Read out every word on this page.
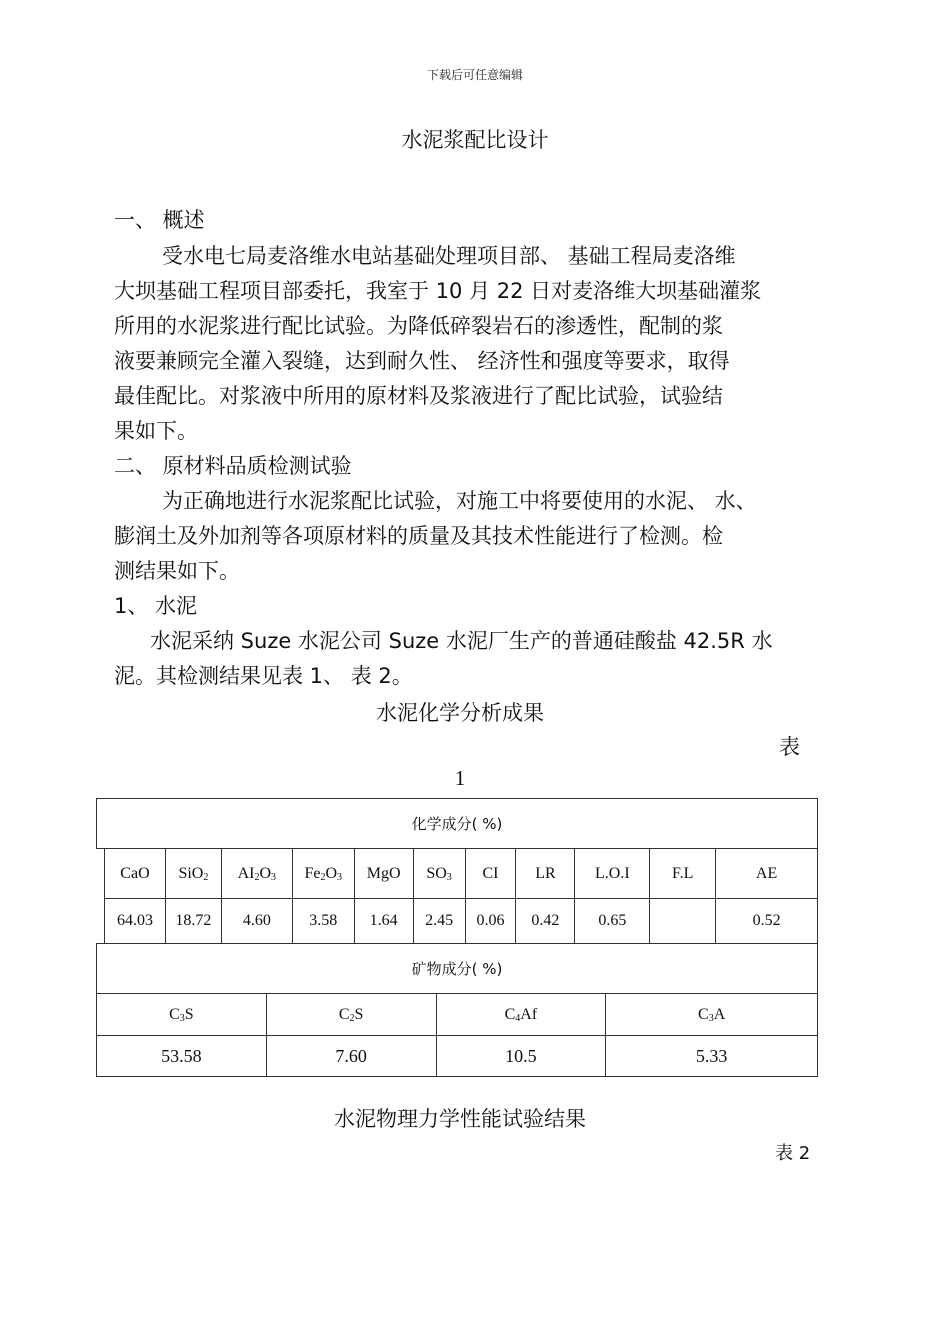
下载后可任意编辑
水泥浆配比设计
一、 概述
受水电七局麦洛维水电站基础处理项目部、 基础工程局麦洛维
大坝基础工程项目部委托，我室于 10 月 22 日对麦洛维大坝基础灌浆
所用的水泥浆进行配比试验。为降低碎裂岩石的渗透性，配制的浆
液要兼顾完全灌入裂缝，达到耐久性、 经济性和强度等要求，取得
最佳配比。对浆液中所用的原材料及浆液进行了配比试验，试验结
果如下。
二、 原材料品质检测试验
为正确地进行水泥浆配比试验，对施工中将要使用的水泥、 水、
膨润土及外加剂等各项原材料的质量及其技术性能进行了检测。检
测结果如下。
1、 水泥
水泥采纳 Suze 水泥公司 Suze 水泥厂生产的普通硅酸盐 42.5R 水
泥。其检测结果见表 1、 表 2。
水泥化学分析成果
表
1
化学成分( %)
CaO	SiO$_2$	$AI_2O_3$	$Fe_2O_3$	MgO	$SO_3$	CI	LR	L.O.I	F.L	AE
64.03	18.72	4.60	3.58	1.64	2.45	0.06	0.42	0.65		0.52
矿物成分( %)			
$C_3S$	$C_2S$	$C_4Af$	$C_3A$
53.58	7.60	10.5	5.33
水泥物理力学性能试验结果
表 2
